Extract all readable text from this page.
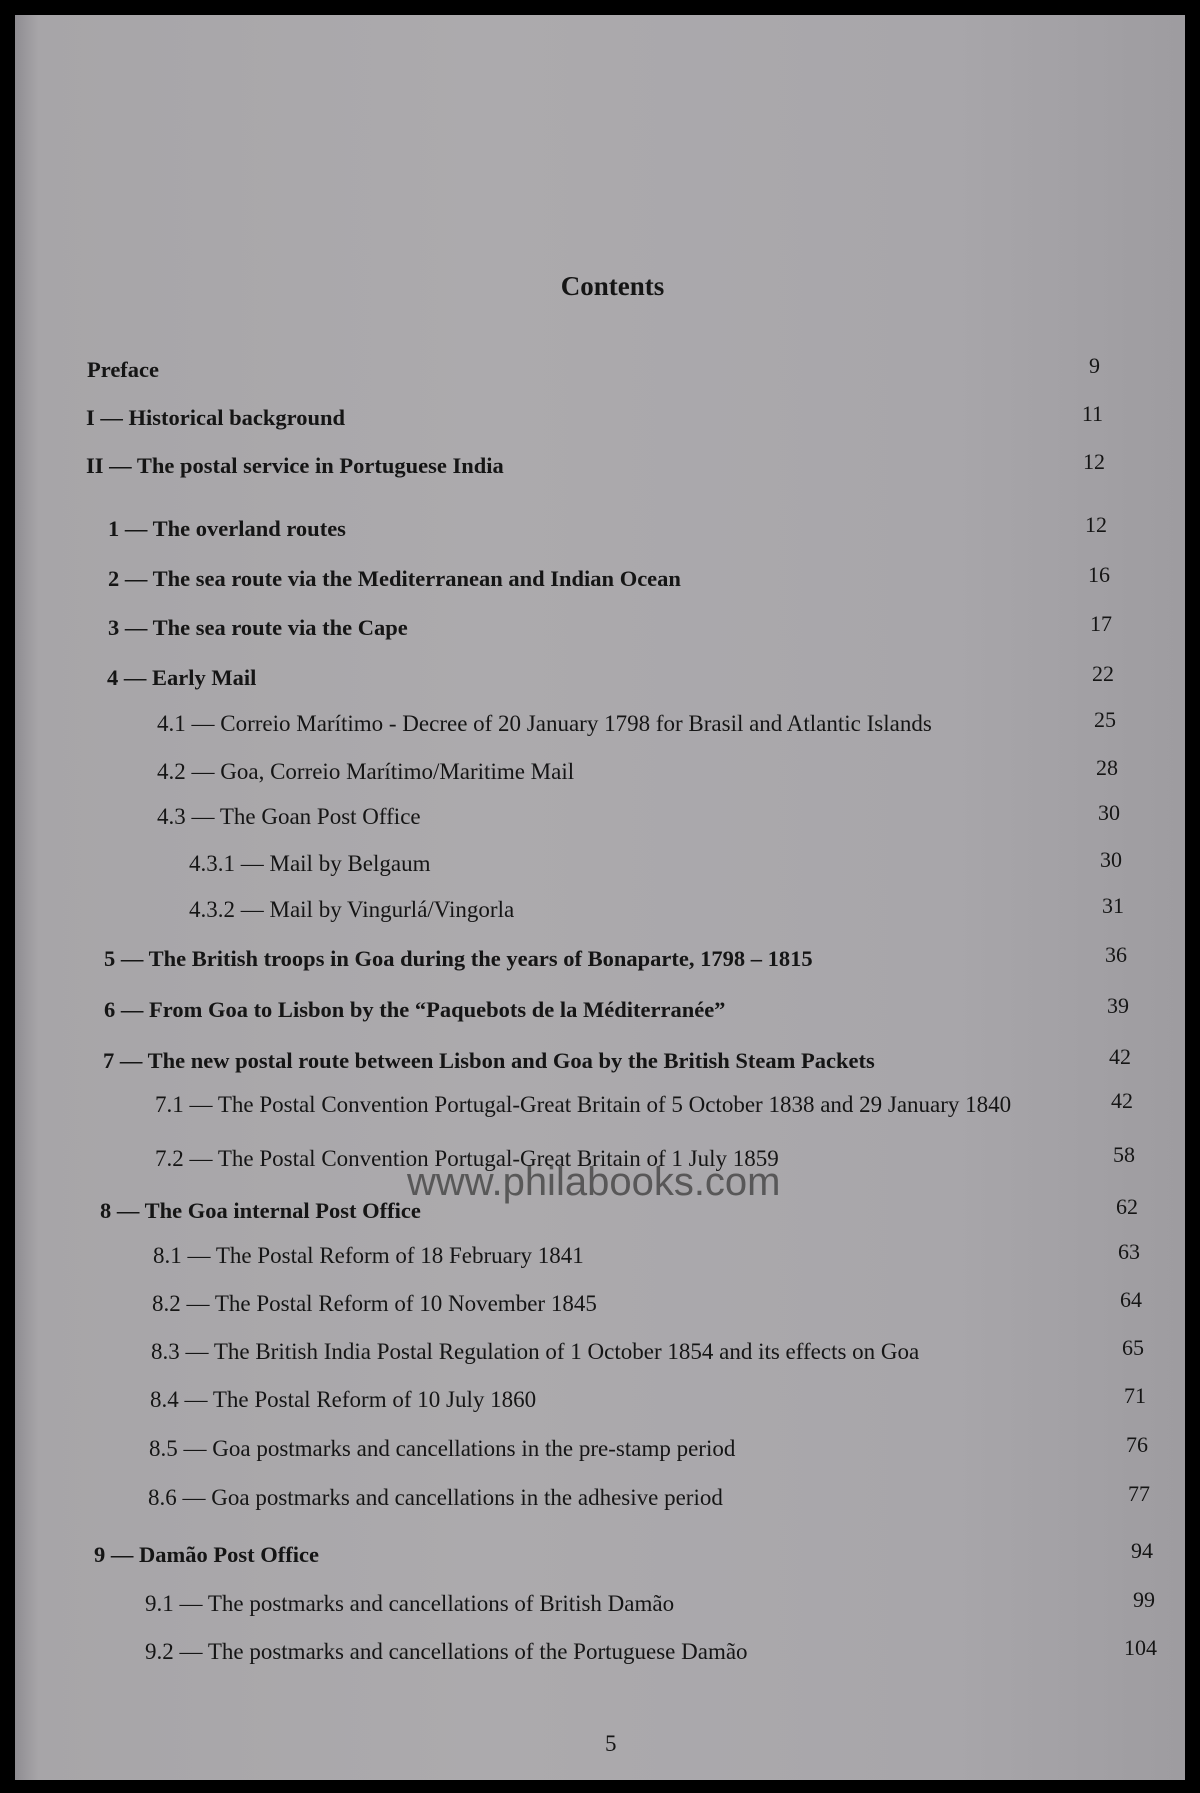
Contents
Preface	9
I — Historical background	11
II — The postal service in Portuguese India	12
1 — The overland routes	12
2 — The sea route via the Mediterranean and Indian Ocean	16
3 — The sea route via the Cape	17
4 — Early Mail	22
4.1 — Correio Marítimo - Decree of 20 January 1798 for Brasil and Atlantic Islands	25
4.2 — Goa, Correio Marítimo/Maritime Mail	28
4.3 — The Goan Post Office	30
4.3.1 — Mail by Belgaum	30
4.3.2 — Mail by Vingurlá/Vingorla	31
5 — The British troops in Goa during the years of Bonaparte, 1798 – 1815	36
6 — From Goa to Lisbon by the “Paquebots de la Méditerranée”	39
7 — The new postal route between Lisbon and Goa by the British Steam Packets	42
7.1 — The Postal Convention Portugal-Great Britain of 5 October 1838 and 29 January 1840	42
7.2 — The Postal Convention Portugal-Great Britain of 1 July 1859	58
8 — The Goa internal Post Office	62
8.1 — The Postal Reform of 18 February 1841	63
8.2 — The Postal Reform of 10 November 1845	64
8.3 — The British India Postal Regulation of 1 October 1854 and its effects on Goa	65
8.4 — The Postal Reform of 10 July 1860	71
8.5 — Goa postmarks and cancellations in the pre-stamp period	76
8.6 — Goa postmarks and cancellations in the adhesive period	77
9 — Damão Post Office	94
9.1 — The postmarks and cancellations of British Damão	99
9.2 — The postmarks and cancellations of the Portuguese Damão	104
5
www.philabooks.com
